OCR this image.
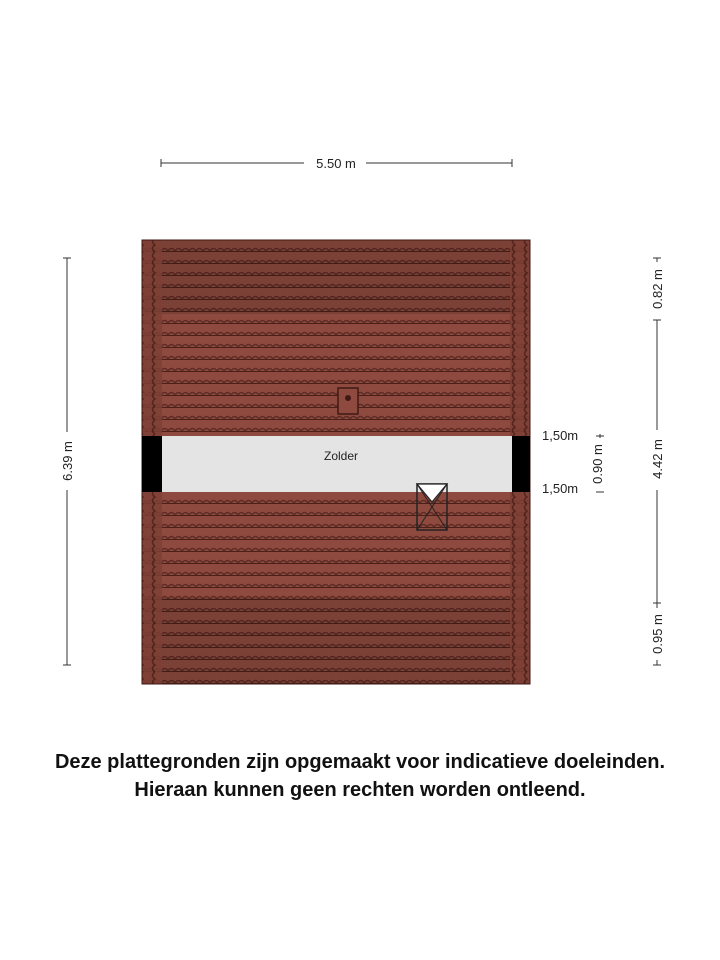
Zolder
5.50 m
6.39 m
0.82 m
4.42 m
0.95 m
0.90 m
1,50m
1,50m
Deze plattegronden zijn opgemaakt voor indicatieve doeleinden.
Hieraan kunnen geen rechten worden ontleend.
